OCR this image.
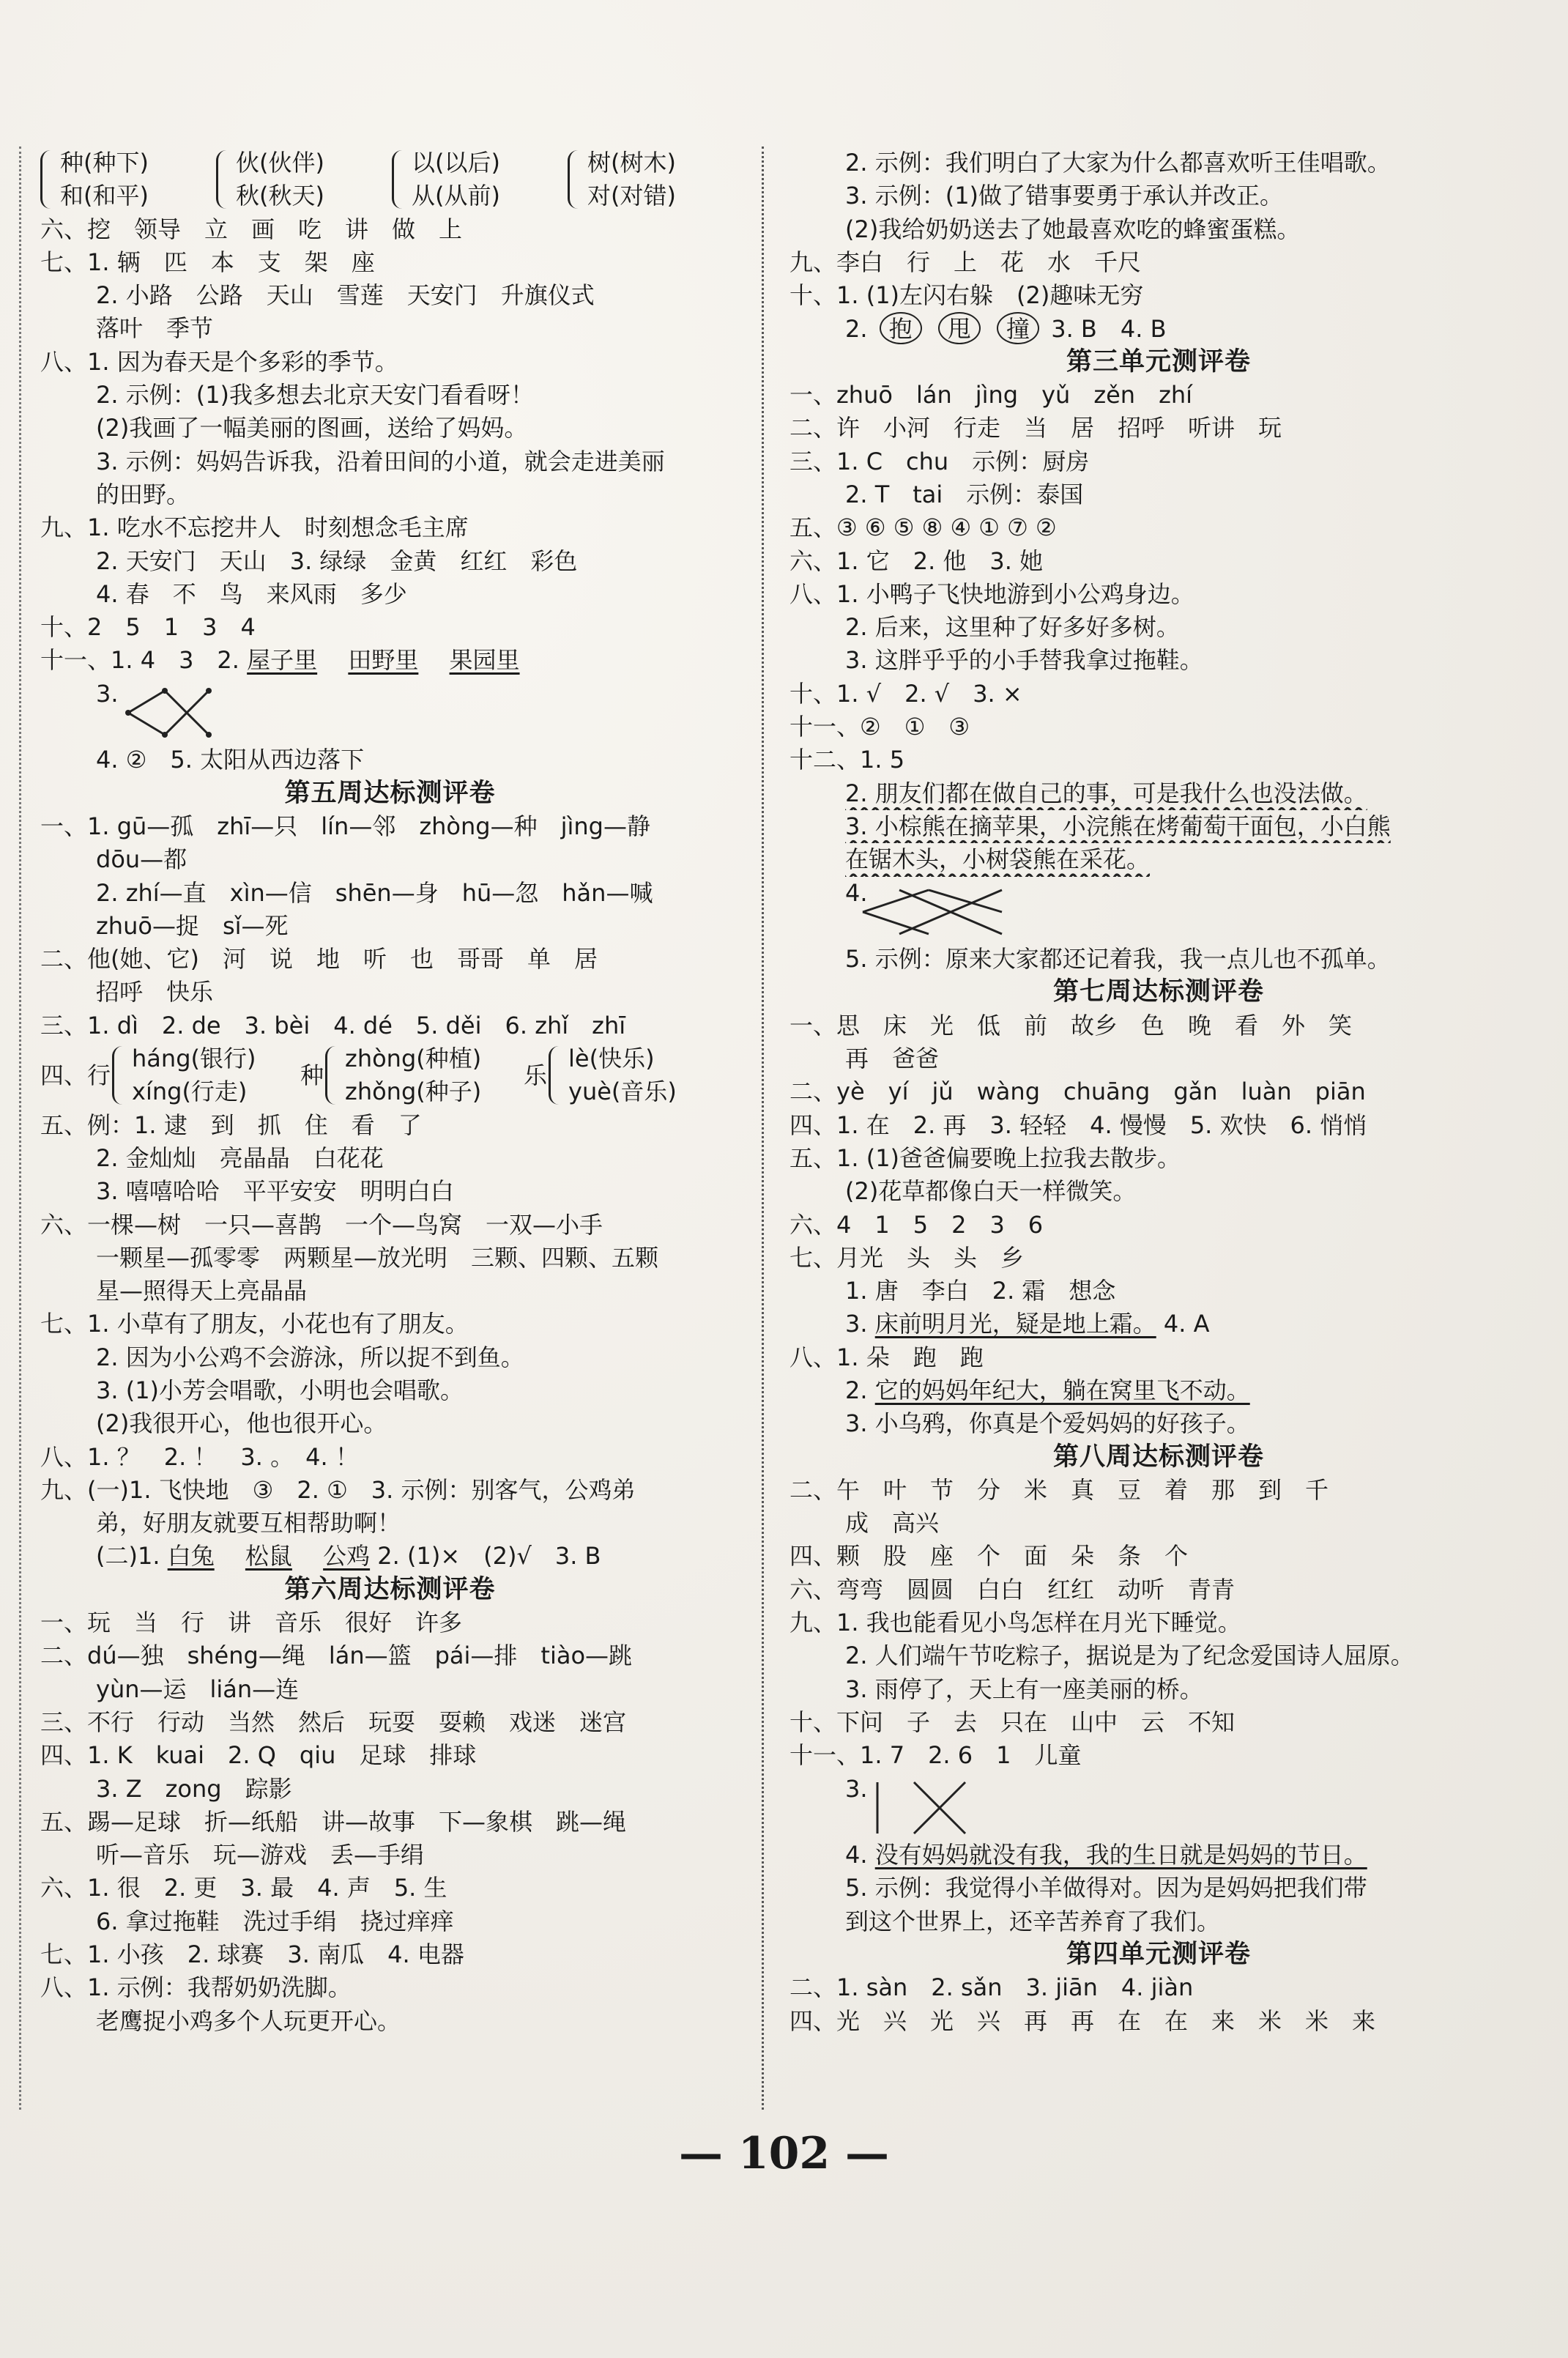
种(种下)
和(和平)
伙(伙伴)
秋(秋天)
以(以后)
从(从前)
树(树木)
对(对错)
六、挖　领导　立　画　吃　讲　做　上
七、1. 辆　匹　本　支　架　座
2. 小路　公路　天山　雪莲　天安门　升旗仪式
落叶　季节
八、1. 因为春天是个多彩的季节。
2. 示例：(1)我多想去北京天安门看看呀！
(2)我画了一幅美丽的图画，送给了妈妈。
3. 示例：妈妈告诉我，沿着田间的小道，就会走进美丽
的田野。
九、1. 吃水不忘挖井人　时刻想念毛主席
2. 天安门　天山　3. 绿绿　金黄　红红　彩色
4. 春　不　鸟　来风雨　多少
十、2　5　1　3　4
十一、1. 4　3　2. 屋子里　 田野里　 果园里
3.
4. ②　5. 太阳从西边落下
第五周达标测评卷
一、1. gū—孤　zhī—只　lín—邻　zhòng—种　jìng—静
dōu—都
2. zhí—直　xìn—信　shēn—身　hū—忽　hǎn—喊
zhuō—捉　sǐ—死
二、他(她、它)　河　说　地　听　也　哥哥　单　居
招呼　快乐
三、1. dì　2. de　3. bèi　4. dé　5. děi　6. zhǐ　zhī
四、行
háng(银行)
xíng(行走)
种
zhòng(种植)
zhǒng(种子)
乐
lè(快乐)
yuè(音乐)
五、例：1. 逮　到　抓　住　看　了
2. 金灿灿　亮晶晶　白花花
3. 嘻嘻哈哈　平平安安　明明白白
六、一棵—树　一只—喜鹊　一个—鸟窝　一双—小手
一颗星—孤零零　两颗星—放光明　三颗、四颗、五颗
星—照得天上亮晶晶
七、1. 小草有了朋友，小花也有了朋友。
2. 因为小公鸡不会游泳，所以捉不到鱼。
3. (1)小芳会唱歌，小明也会唱歌。
(2)我很开心，他也很开心。
八、1. ？　2. ！　3. 。　4. ！
九、(一)1. 飞快地　③　2. ①　3. 示例：别客气，公鸡弟
弟，好朋友就要互相帮助啊！
(二)1. 白兔　 松鼠　 公鸡 2. (1)×　(2)√　3. B
第六周达标测评卷
一、玩　当　行　讲　音乐　很好　许多
二、dú—独　shéng—绳　lán—篮　pái—排　tiào—跳
yùn—运　lián—连
三、不行　行动　当然　然后　玩耍　耍赖　戏迷　迷宫
四、1. K　kuai　2. Q　qiu　足球　排球
3. Z　zong　踪影
五、踢—足球　折—纸船　讲—故事　下—象棋　跳—绳
听—音乐　玩—游戏　丢—手绢
六、1. 很　2. 更　3. 最　4. 声　5. 生
6. 拿过拖鞋　洗过手绢　挠过痒痒
七、1. 小孩　2. 球赛　3. 南瓜　4. 电器
八、1. 示例：我帮奶奶洗脚。
老鹰捉小鸡多个人玩更开心。
2. 示例：我们明白了大家为什么都喜欢听王佳唱歌。
3. 示例：(1)做了错事要勇于承认并改正。
(2)我给奶奶送去了她最喜欢吃的蜂蜜蛋糕。
九、李白　行　上　花　水　千尺
十、1. (1)左闪右躲　(2)趣味无穷
2. 抱 甩 撞 3. B　4. B
第三单元测评卷
一、zhuō　lán　jìng　yǔ　zěn　zhí
二、许　小河　行走　当　居　招呼　听讲　玩
三、1. C　chu　示例：厨房
2. T　tai　示例：泰国
五、③ ⑥ ⑤ ⑧ ④ ① ⑦ ②
六、1. 它　2. 他　3. 她
八、1. 小鸭子飞快地游到小公鸡身边。
2. 后来，这里种了好多好多树。
3. 这胖乎乎的小手替我拿过拖鞋。
十、1. √　2. √　3. ×
十一、②　①　③
十二、1. 5
2. 朋友们都在做自己的事，可是我什么也没法做。
3. 小棕熊在摘苹果，小浣熊在烤葡萄干面包，小白熊
在锯木头，小树袋熊在采花。
4.
5. 示例：原来大家都还记着我，我一点儿也不孤单。
第七周达标测评卷
一、思　床　光　低　前　故乡　色　晚　看　外　笑
再　爸爸
二、yè　yí　jǔ　wàng　chuāng　gǎn　luàn　piān
四、1. 在　2. 再　3. 轻轻　4. 慢慢　5. 欢快　6. 悄悄
五、1. (1)爸爸偏要晚上拉我去散步。
(2)花草都像白天一样微笑。
六、4　1　5　2　3　6
七、月光　头　头　乡
1. 唐　李白　2. 霜　想念
3. 床前明月光，疑是地上霜。 4. A
八、1. 朵　跑　跑
2. 它的妈妈年纪大，躺在窝里飞不动。
3. 小乌鸦，你真是个爱妈妈的好孩子。
第八周达标测评卷
二、午　叶　节　分　米　真　豆　着　那　到　千
成　高兴
四、颗　股　座　个　面　朵　条　个
六、弯弯　圆圆　白白　红红　动听　青青
九、1. 我也能看见小鸟怎样在月光下睡觉。
2. 人们端午节吃粽子，据说是为了纪念爱国诗人屈原。
3. 雨停了，天上有一座美丽的桥。
十、下问　子　去　只在　山中　云　不知
十一、1. 7　2. 6　1　儿童
3.
4. 没有妈妈就没有我，我的生日就是妈妈的节日。
5. 示例：我觉得小羊做得对。因为是妈妈把我们带
到这个世界上，还辛苦养育了我们。
第四单元测评卷
二、1. sàn　2. sǎn　3. jiān　4. jiàn
四、光　兴　光　兴　再　再　在　在　来　米　米　来
— 102 —
